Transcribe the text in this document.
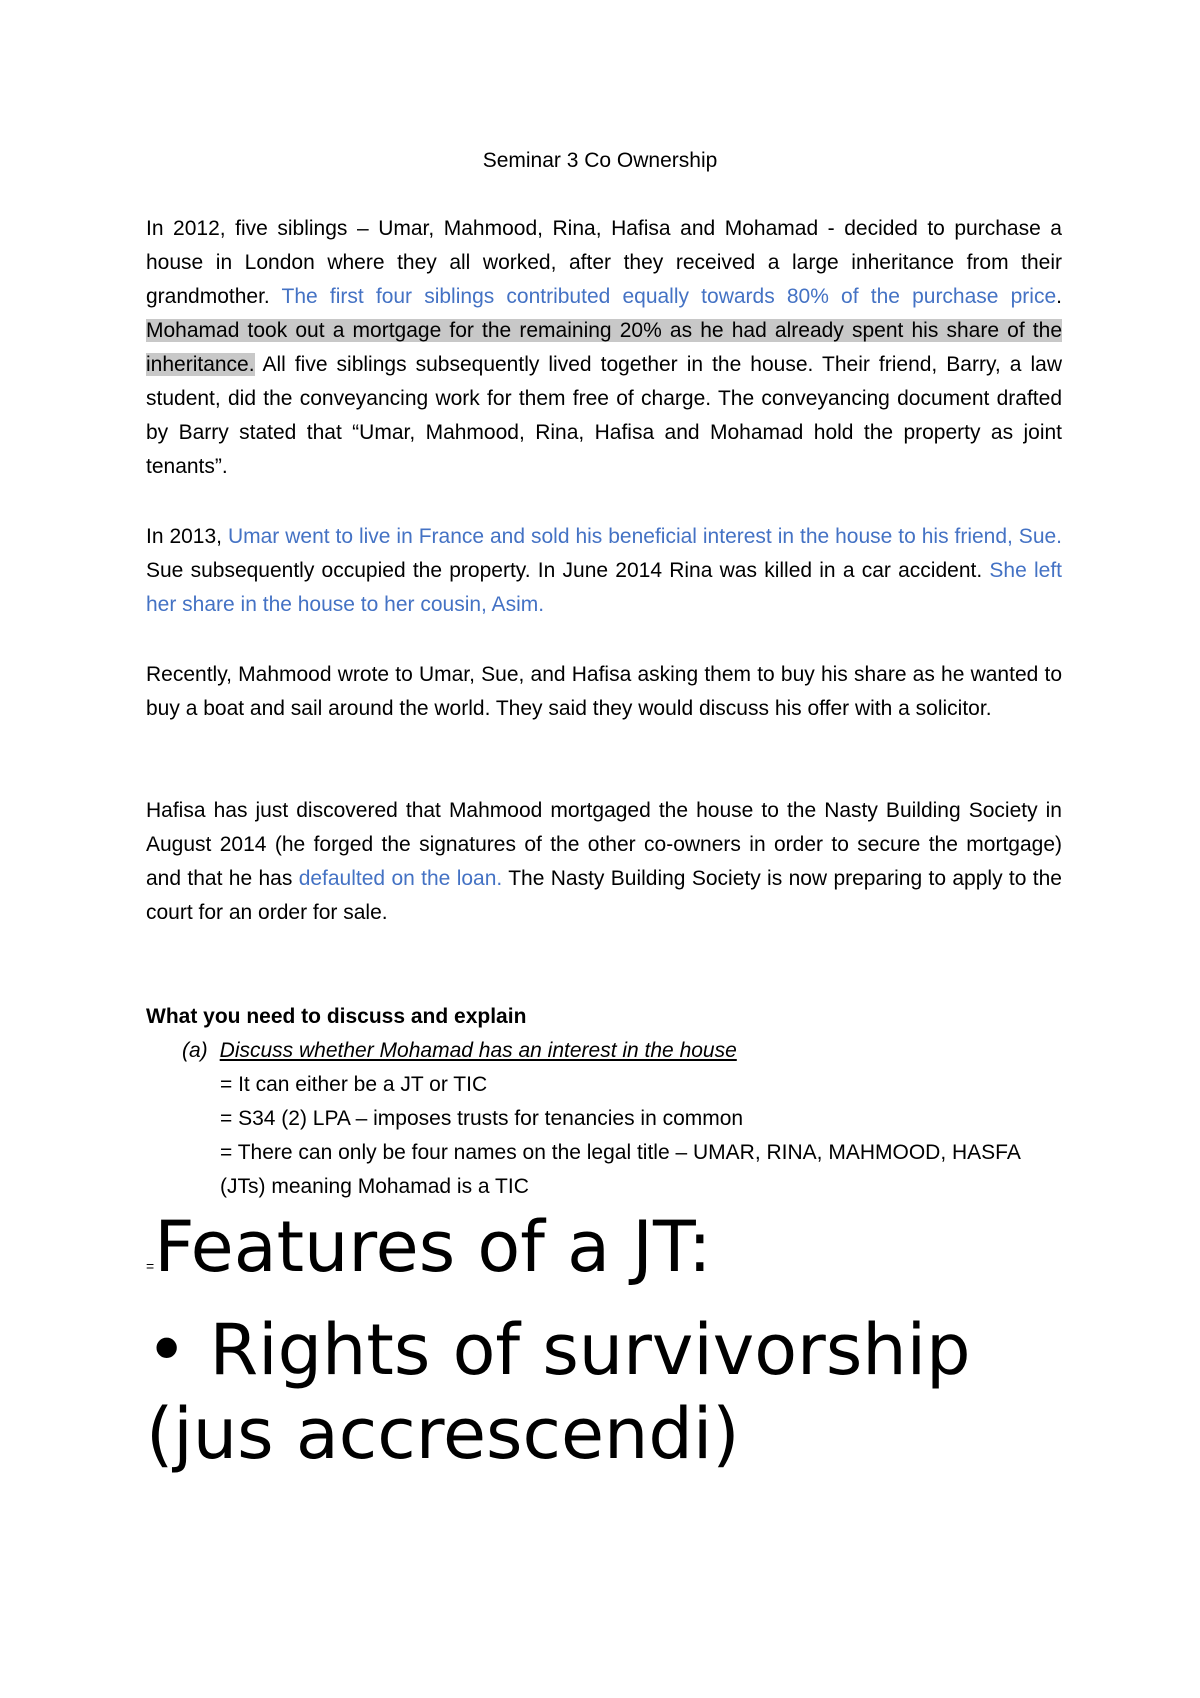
Seminar 3 Co Ownership

In 2012, five siblings – Umar, Mahmood, Rina, Hafisa and Mohamad - decided to purchase a house in London where they all worked, after they received a large inheritance from their grandmother. The first four siblings contributed equally towards 80% of the purchase price. Mohamad took out a mortgage for the remaining 20% as he had already spent his share of the inheritance. All five siblings subsequently lived together in the house. Their friend, Barry, a law student, did the conveyancing work for them free of charge. The conveyancing document drafted by Barry stated that “Umar, Mahmood, Rina, Hafisa and Mohamad hold the property as joint tenants”.

In 2013, Umar went to live in France and sold his beneficial interest in the house to his friend, Sue. Sue subsequently occupied the property. In June 2014 Rina was killed in a car accident. She left her share in the house to her cousin, Asim.

Recently, Mahmood wrote to Umar, Sue, and Hafisa asking them to buy his share as he wanted to buy a boat and sail around the world. They said they would discuss his offer with a solicitor.

Hafisa has just discovered that Mahmood mortgaged the house to the Nasty Building Society in August 2014 (he forged the signatures of the other co-owners in order to secure the mortgage) and that he has defaulted on the loan. The Nasty Building Society is now preparing to apply to the court for an order for sale.

What you need to discuss and explain
(a) Discuss whether Mohamad has an interest in the house
= It can either be a JT or TIC
= S34 (2) LPA – imposes trusts for tenancies in common
= There can only be four names on the legal title – UMAR, RINA, MAHMOOD, HASFA (JTs) meaning Mohamad is a TIC
=Features of a JT:
• Rights of survivorship
(jus accrescendi)
